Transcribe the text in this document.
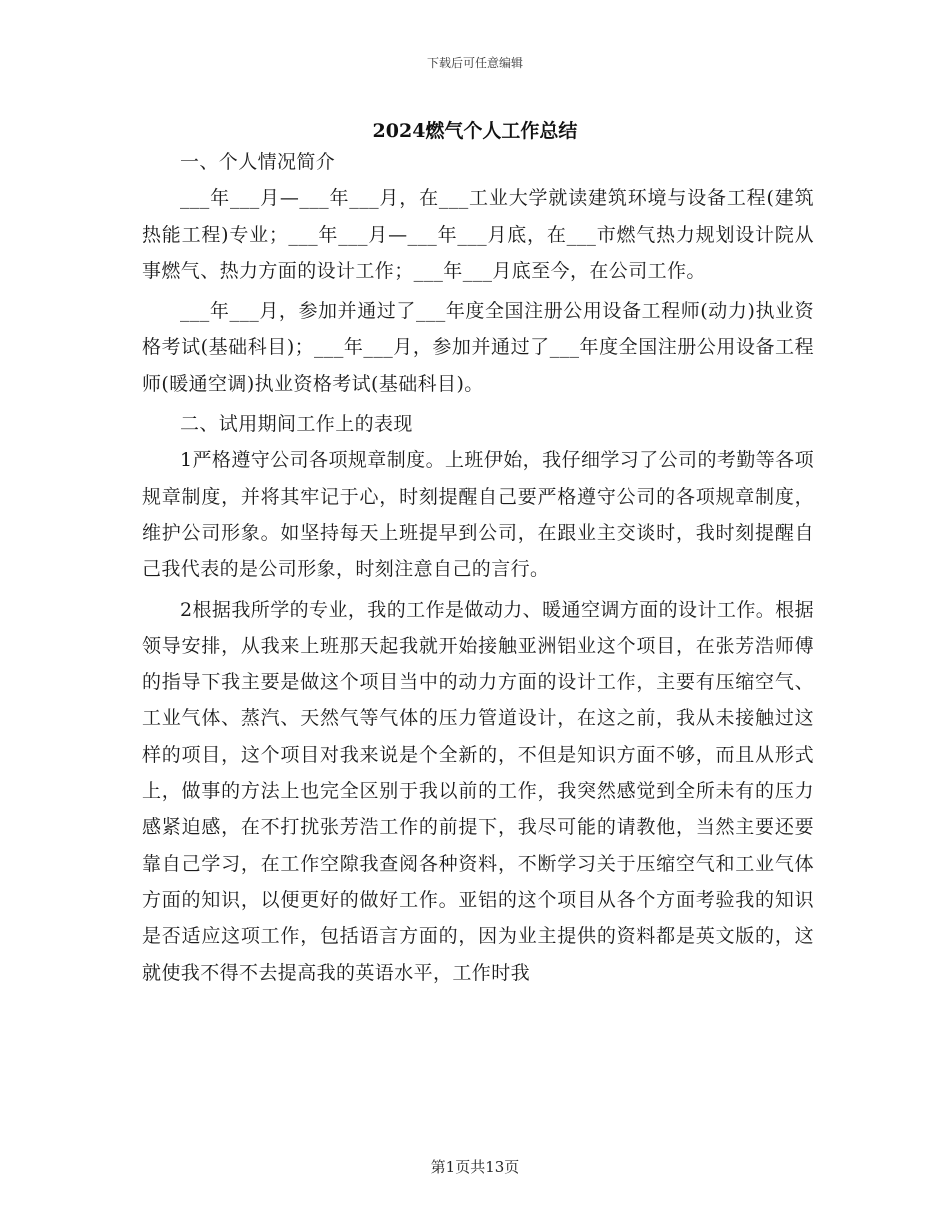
下载后可任意编辑
2024燃气个人工作总结

一、个人情况简介

___年___月—___年___月，在___工业大学就读建筑环境与设备工程(建筑热能工程)专业；___年___月—___年___月底，在___市燃气热力规划设计院从事燃气、热力方面的设计工作；___年___月底至今，在公司工作。

___年___月，参加并通过了___年度全国注册公用设备工程师(动力)执业资格考试(基础科目)；___年___月，参加并通过了___年度全国注册公用设备工程师(暖通空调)执业资格考试(基础科目)。

二、试用期间工作上的表现

1严格遵守公司各项规章制度。上班伊始，我仔细学习了公司的考勤等各项规章制度，并将其牢记于心，时刻提醒自己要严格遵守公司的各项规章制度，维护公司形象。如坚持每天上班提早到公司，在跟业主交谈时，我时刻提醒自己我代表的是公司形象，时刻注意自己的言行。

2根据我所学的专业，我的工作是做动力、暖通空调方面的设计工作。根据领导安排，从我来上班那天起我就开始接触亚洲铝业这个项目，在张芳浩师傅的指导下我主要是做这个项目当中的动力方面的设计工作，主要有压缩空气、工业气体、蒸汽、天然气等气体的压力管道设计，在这之前，我从未接触过这样的项目，这个项目对我来说是个全新的，不但是知识方面不够，而且从形式上，做事的方法上也完全区别于我以前的工作，我突然感觉到全所未有的压力感紧迫感，在不打扰张芳浩工作的前提下，我尽可能的请教他，当然主要还要靠自己学习，在工作空隙我查阅各种资料，不断学习关于压缩空气和工业气体方面的知识，以便更好的做好工作。亚铝的这个项目从各个方面考验我的知识是否适应这项工作，包括语言方面的，因为业主提供的资料都是英文版的，这就使我不得不去提高我的英语水平，工作时我

第1页共13页
